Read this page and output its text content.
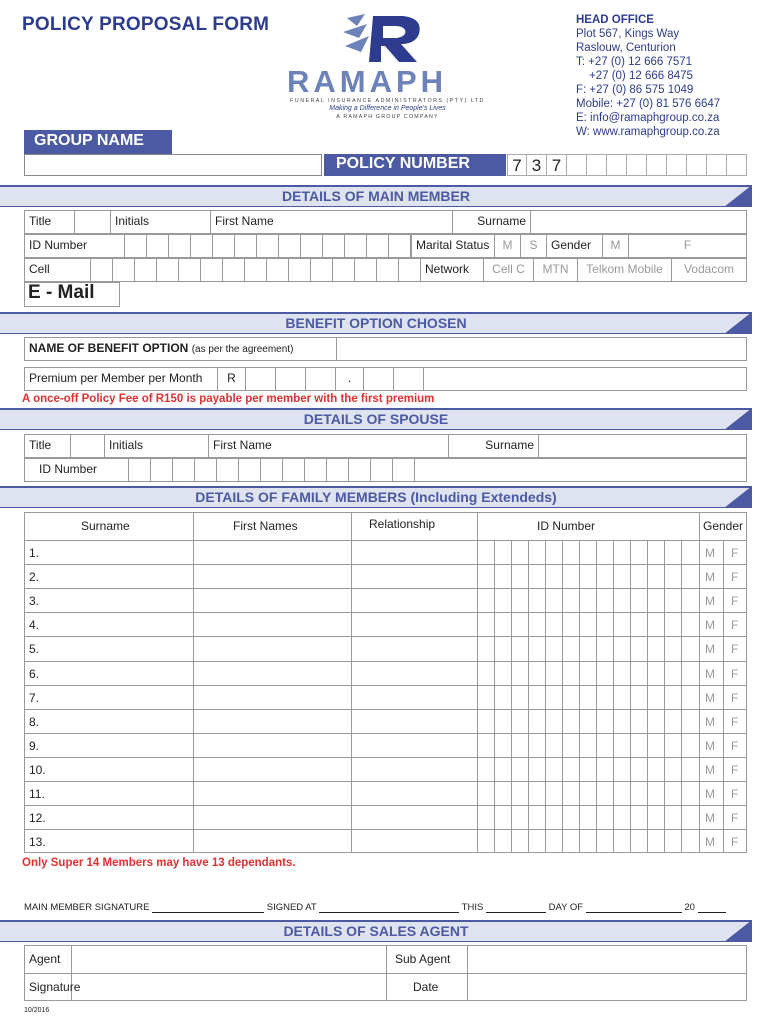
POLICY PROPOSAL FORM
RAMAPH
FUNERAL INSURANCE ADMINISTRATORS (PTY) LTD
Making a Difference in People's Lives
A RAMAPH GROUP COMPANY
HEAD OFFICE
Plot 567, Kings Way
Raslouw, Centurion
T: +27 (0) 12 666 7571
+27 (0) 12 666 8475
F: +27 (0) 86 575 1049
Mobile: +27 (0) 81 576 6647
E: info@ramaphgroup.co.za
W: www.ramaphgroup.co.za
GROUP NAME
POLICY NUMBER	7 3 7
DETAILS OF MAIN MEMBER
Title	Initials	First Name	Surname
ID Number	Marital Status	M	S	Gender	M	F
Cell	Network	Cell C	MTN	Telkom Mobile	Vodacom
E - Mail
BENEFIT OPTION CHOSEN
NAME OF BENEFIT OPTION (as per the agreement)
Premium per Member per Month	R	.
A once-off Policy Fee of R150 is payable per member with the first premium
DETAILS OF SPOUSE
Title	Initials	First Name	Surname
ID Number
DETAILS OF FAMILY MEMBERS (Including Extendeds)
Surname	First Names	Relationship	ID Number	Gender
1.	M F
2.	M F
3.	M F
4.	M F
5.	M F
6.	M F
7.	M F
8.	M F
9.	M F
10.	M F
11.	M F
12.	M F
13.	M F
Only Super 14 Members may have 13 dependants.
MAIN MEMBER SIGNATURE	SIGNED AT	THIS	DAY OF	20
DETAILS OF SALES AGENT
Agent	Sub Agent
Signature	Date
10/2016
